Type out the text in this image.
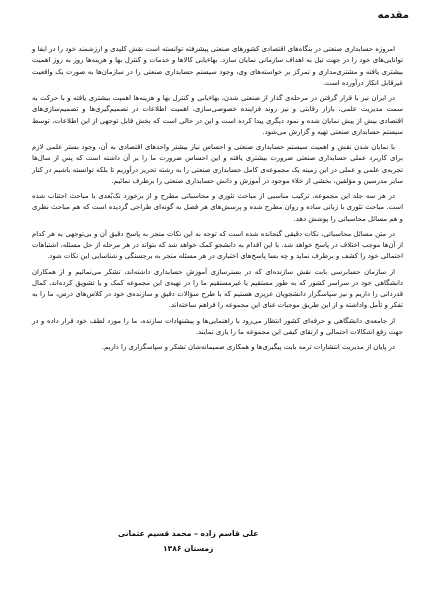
مقدمه

امروزه حسابداری صنعتی در بنگاه‌های اقتصادی کشورهای صنعتی پیشرفته توانسته است نقش کلیدی و ارزشمند خود را در ایفا و توانایی‌های خود را در جهت نیل به اهداف سازمانی نمایان سازد. بهاءیابی کالاها و خدمات و کنترل بها و هزینه‌ها روز به روز اهمیت بیشتری یافته و مشتری‌مداری و تمرکز بر خواسته‌های وی، وجود سیستم حسابداری صنعتی را در سازمان‌ها به صورت یک واقعیت غیرقابل انکار درآورده است.

در ایران نیز با قرار گرفتن در مرحله‌ی گذار از صنعتی شدن، بهاءیابی و کنترل بها و هزینه‌ها اهمیت بیشتری یافته و با حرکت به سمت مدیریت علمی، بازار رقابتی و نیز روند فزاینده خصوصی‌سازی، اهمیت اطلاعات در تصمیم‌گیری‌ها و تصمیم‌سازی‌های اقتصادی بیش از پیش نمایان شده و نمود دیگری پیدا کرده است و این در حالی است که بخش قابل توجهی از این اطلاعات، توسط سیستم حسابداری صنعتی تهیه و گزارش می‌شود.

با نمایان شدن نقش و اهمیت سیستم حسابداری صنعتی و احساس نیاز بیشتر واحدهای اقتصادی به آن، وجود بستر علمی لازم برای کاربرد عملی حسابداری صنعتی ضرورت بیشتری یافته و این احساس ضرورت ما را بر آن داشته است که پس از سال‌ها تجربه‌ی علمی و عملی در این زمینه یک مجموعه‌ی کامل حسابداری صنعتی را به رشته تحریر درآوریم تا بلکه توانسته باشیم در کنار سایر مدرسین و مؤلفین، بخشی از خلاء موجود در آموزش و دانش حسابداری صنعتی را برطرف نمائیم.

در هر سه جلد این مجموعه، ترکیب مناسبی از مباحث تئوری و محاسباتی مطرح و از برخورد تک‌بُعدی با مباحث اجتناب شده است. مباحث تئوری با زبانی ساده و روان مطرح شده و پرسش‌های هر فصل به گونه‌ای طراحی گردیده است که هم مباحث نظری و هم مسائل محاسباتی را پوشش دهد.

در متن مسائل محاسباتی، نکات دقیقی گنجانده شده است که توجه به این نکات منجر به پاسخ دقیق آن و بی‌توجهی به هر کدام از آن‌ها موجب اختلاف در پاسخ خواهد شد. با این اقدام به دانشجو کمک خواهد شد که بتواند در هر مرحله از حل مسئله، اشتباهات احتمالی خود را کشف و برطرف نماید و چه بسا پاسخ‌های اختیاری در هر مسئله منجر به برجستگی و شناسایی این نکات شود.

از سازمان حسابرسی بابت نقش سازنده‌ای که در بسترسازی آموزش حسابداری داشته‌اند، تشکر می‌نمائیم و از همکاران دانشگاهی خود در سراسر کشور که به طور مستقیم یا غیرمستقیم ما را در تهیه‌ی این مجموعه کمک و یا تشویق کرده‌اند، کمال قدردانی را داریم و نیز سپاسگزار دانشجویان عزیزی هستیم که با طرح سؤالات دقیق و سازنده‌ی خود در کلاس‌های درس، ما را به تفکر و تأمل واداشته و از این طریق موجبات غنای این مجموعه را فراهم ساخته‌اند.

از جامعه‌ی دانشگاهی و حرفه‌ای کشور انتظار می‌رود با راهنمایی‌ها و پیشنهادات سازنده، ما را مورد لطف خود قرار داده و در جهت رفع اشکالات احتمالی و ارتقای کیفی این مجموعه ما را یاری نمایند.

در پایان از مدیریت انتشارات ترمه بابت پیگیری‌ها و همکاری صمیمانه‌شان تشکر و سپاسگزاری را داریم.

علی قاسم زاده – محمد قسیم عثمانی
زمستان ۱۳۸۶
